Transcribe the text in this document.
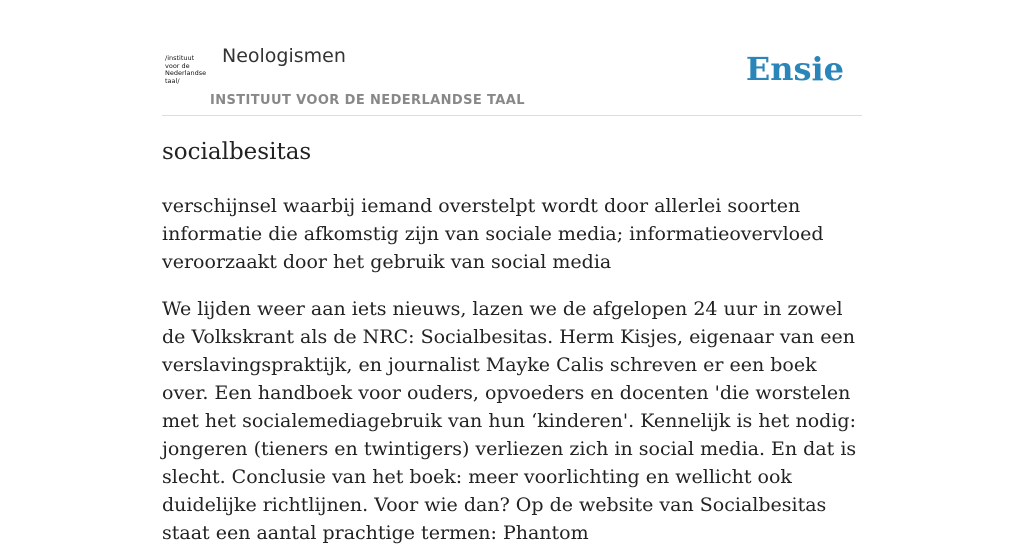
/instituut
voor de
Nederlandse
taal/
Neologismen
INSTITUUT VOOR DE NEDERLANDSE TAAL
Ensie
socialbesitas

verschijnsel waarbij iemand overstelpt wordt door allerlei soorten informatie die afkomstig zijn van sociale media; informatieovervloed veroorzaakt door het gebruik van social media

We lijden weer aan iets nieuws, lazen we de afgelopen 24 uur in zowel de Volkskrant als de NRC: Socialbesitas. Herm Kisjes, eigenaar van een verslavingspraktijk, en journalist Mayke Calis schreven er een boek over. Een handboek voor ouders, opvoeders en docenten 'die worstelen met het socialemediagebruik van hun ‘kinderen'. Kennelijk is het nodig: jongeren (tieners en twintigers) verliezen zich in social media. En dat is slecht. Conclusie van het boek: meer voorlichting en wellicht ook duidelijke richtlijnen. Voor wie dan? Op de website van Socialbesitas staat een aantal prachtige termen: Phantom
